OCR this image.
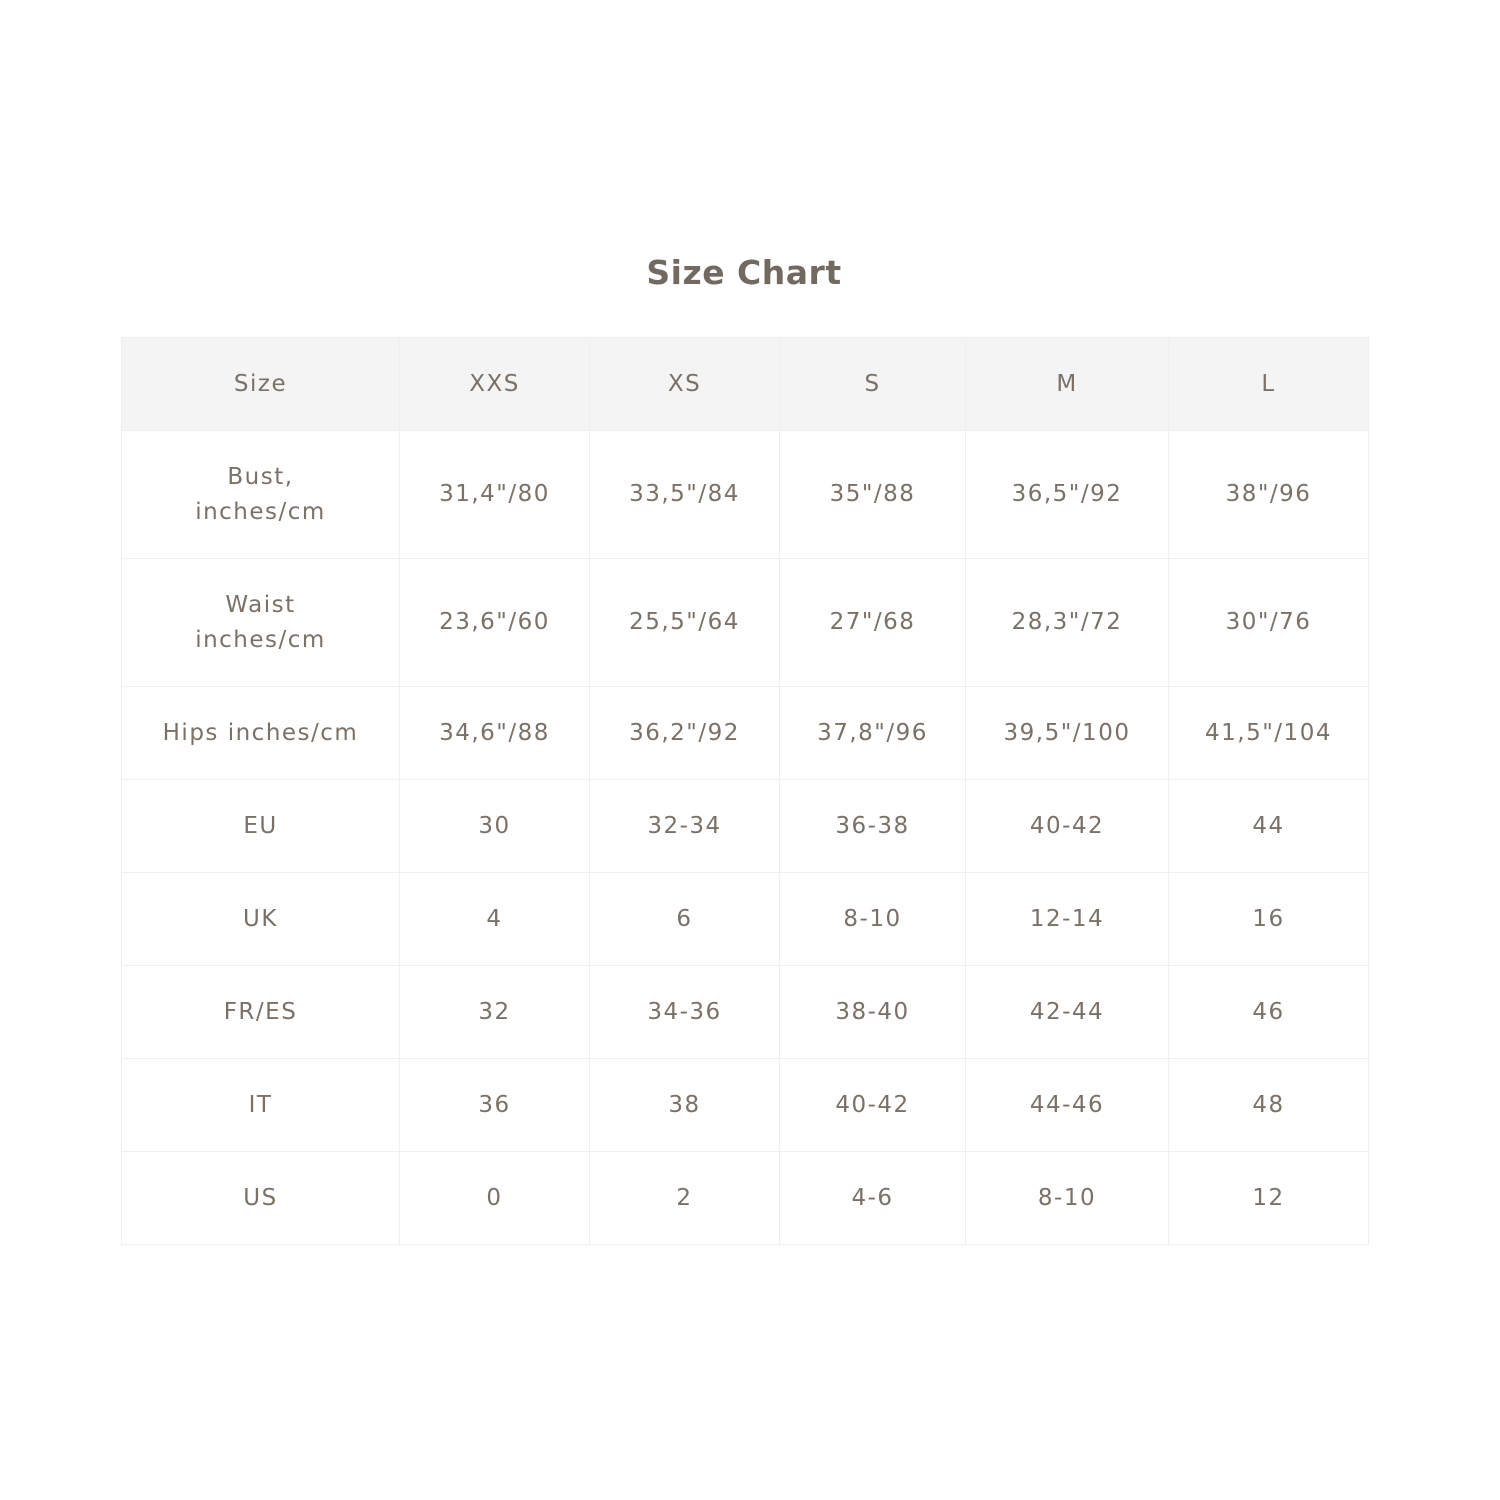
Size Chart
Size	XXS	XS	S	M	L

Bust,
inches/cm	31,4"/80	33,5"/84	35"/88	36,5"/92	38"/96

Waist
inches/cm	23,6"/60	25,5"/64	27"/68	28,3"/72	30"/76

Hips inches/cm	34,6"/88	36,2"/92	37,8"/96	39,5"/100	41,5"/104

EU	30	32-34	36-38	40-42	44

UK	4	6	8-10	12-14	16

FR/ES	32	34-36	38-40	42-44	46

IT	36	38	40-42	44-46	48

US	0	2	4-6	8-10	12
